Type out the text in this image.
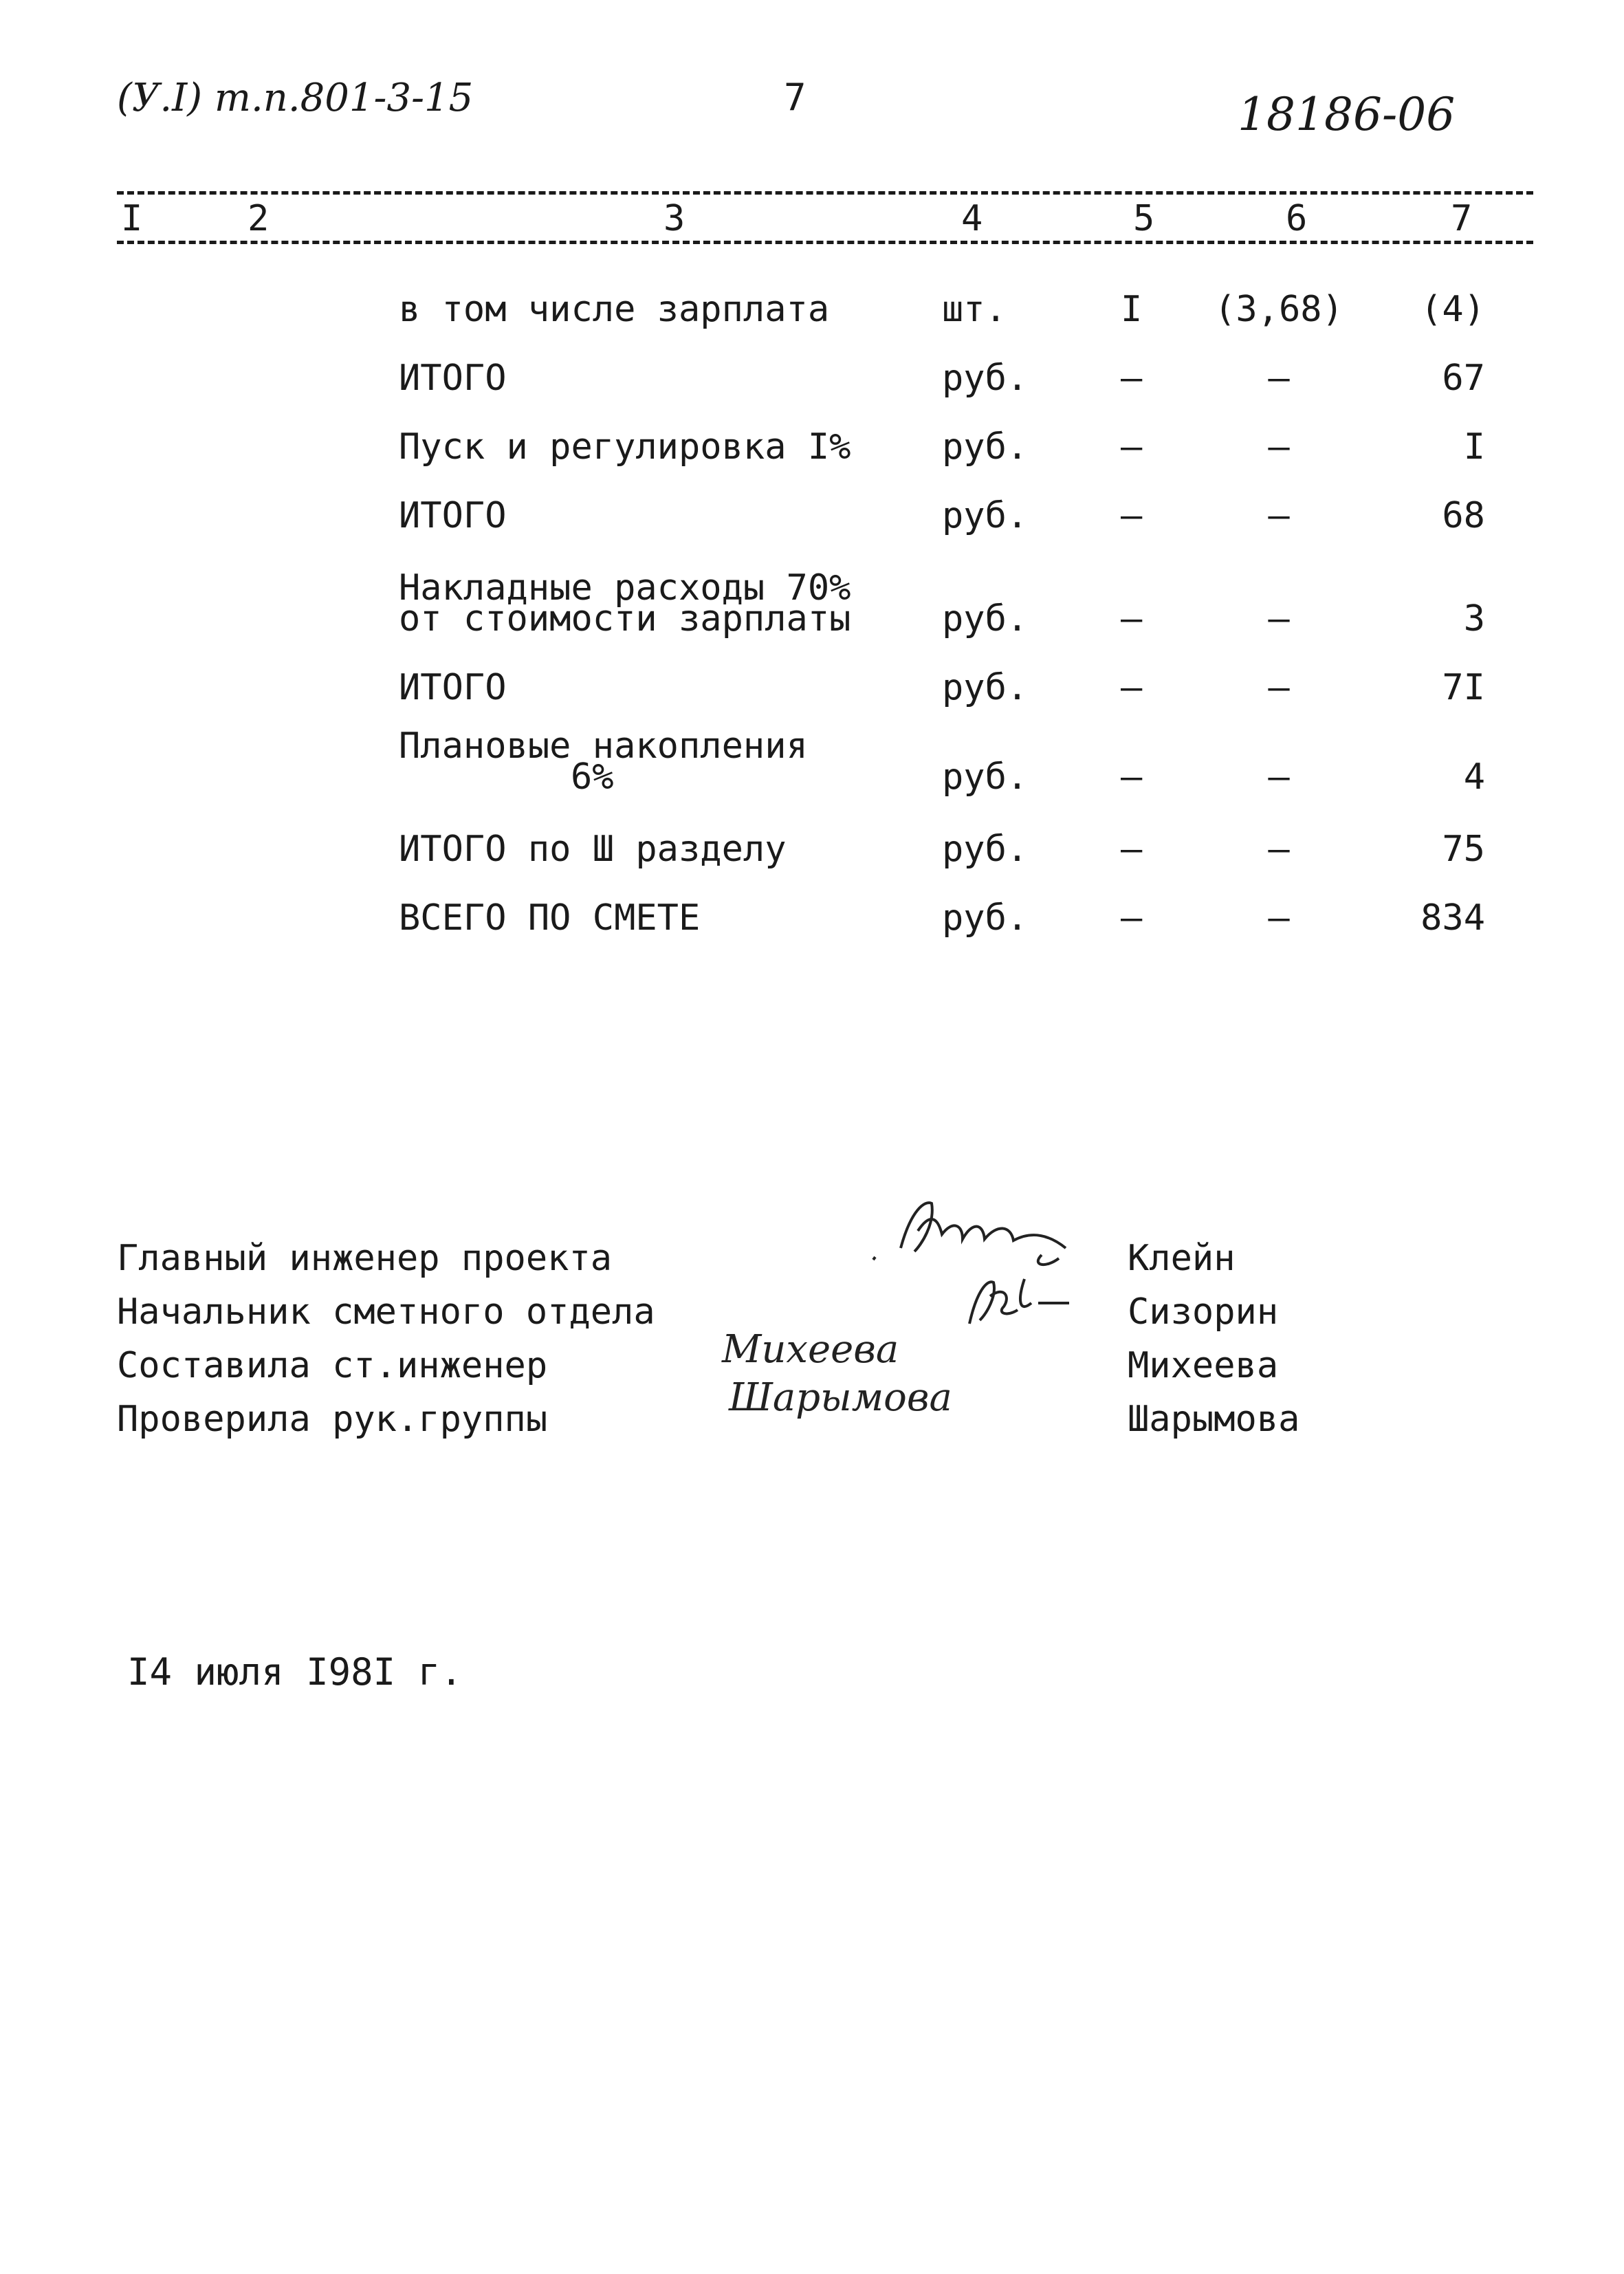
(У.I) т.п.801-3-15	7	18186-06
I	2	3	4	5	6	7
в том числе зарплата	шт.	I	(3,68)	(4)
ИТОГО	руб.	–	–	67
Пуск и регулировка I%	руб.	–	–	I
ИТОГО	руб.	–	–	68
Накладные расходы 70%
от стоимости зарплаты	руб.	–	–	3
ИТОГО	руб.	–	–	7I
Плановые накопления
6%	руб.	–	–	4
ИТОГО по Ш разделу	руб.	–	–	75
ВСЕГО ПО СМЕТЕ	руб.	–	–	834
Главный инженер проекта	Клейн
Начальник сметного отдела	Сизорин
Составила ст.инженер	Михеева
Проверила рук.группы	Шарымова
Михеева
Шарымова
I4 июля I98I г.
